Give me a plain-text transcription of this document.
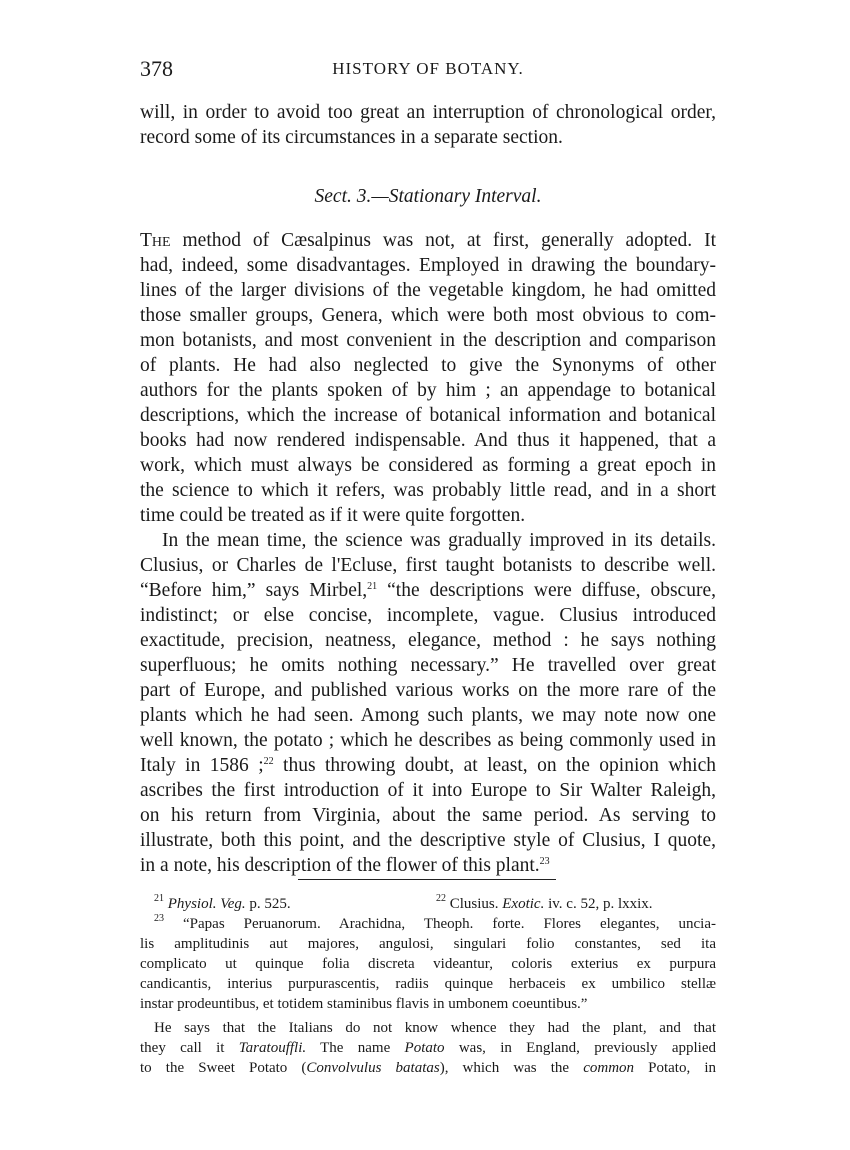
378	HISTORY OF BOTANY.

will, in order to avoid too great an interruption of chronological order,
record some of its circumstances in a separate section.

Sect. 3.—Stationary Interval.

The method of Cæsalpinus was not, at first, generally adopted. It
had, indeed, some disadvantages. Employed in drawing the boundary-
lines of the larger divisions of the vegetable kingdom, he had omitted
those smaller groups, Genera, which were both most obvious to com-
mon botanists, and most convenient in the description and comparison
of plants. He had also neglected to give the Synonyms of other
authors for the plants spoken of by him ; an appendage to botanical
descriptions, which the increase of botanical information and botanical
books had now rendered indispensable. And thus it happened, that a
work, which must always be considered as forming a great epoch in
the science to which it refers, was probably little read, and in a short
time could be treated as if it were quite forgotten.

In the mean time, the science was gradually improved in its details.
Clusius, or Charles de l'Ecluse, first taught botanists to describe well.
“Before him,” says Mirbel,$^{21}$ “the descriptions were diffuse, obscure,
indistinct; or else concise, incomplete, vague. Clusius introduced
exactitude, precision, neatness, elegance, method : he says nothing
superfluous; he omits nothing necessary.” He travelled over great
part of Europe, and published various works on the more rare of the
plants which he had seen. Among such plants, we may note now one
well known, the potato ; which he describes as being commonly used in
Italy in 1586 ;$^{22}$ thus throwing doubt, at least, on the opinion which
ascribes the first introduction of it into Europe to Sir Walter Raleigh,
on his return from Virginia, about the same period. As serving to
illustrate, both this point, and the descriptive style of Clusius, I quote,
in a note, his description of the flower of this plant.$^{23}$

$^{21}$ Physiol. Veg. p. 525.	$^{22}$ Clusius. Exotic. iv. c. 52, p. lxxix.
$^{23}$ “Papas Peruanorum. Arachidna, Theoph. forte. Flores elegantes, uncia-
lis amplitudinis aut majores, angulosi, singulari folio constantes, sed ita
complicato ut quinque folia discreta videantur, coloris exterius ex purpura
candicantis, interius purpurascentis, radiis quinque herbaceis ex umbilico stellæ
instar prodeuntibus, et totidem staminibus flavis in umbonem coeuntibus.”
He says that the Italians do not know whence they had the plant, and that
they call it Taratouffli. The name Potato was, in England, previously applied
to the Sweet Potato (Convolvulus batatas), which was the common Potato, in
